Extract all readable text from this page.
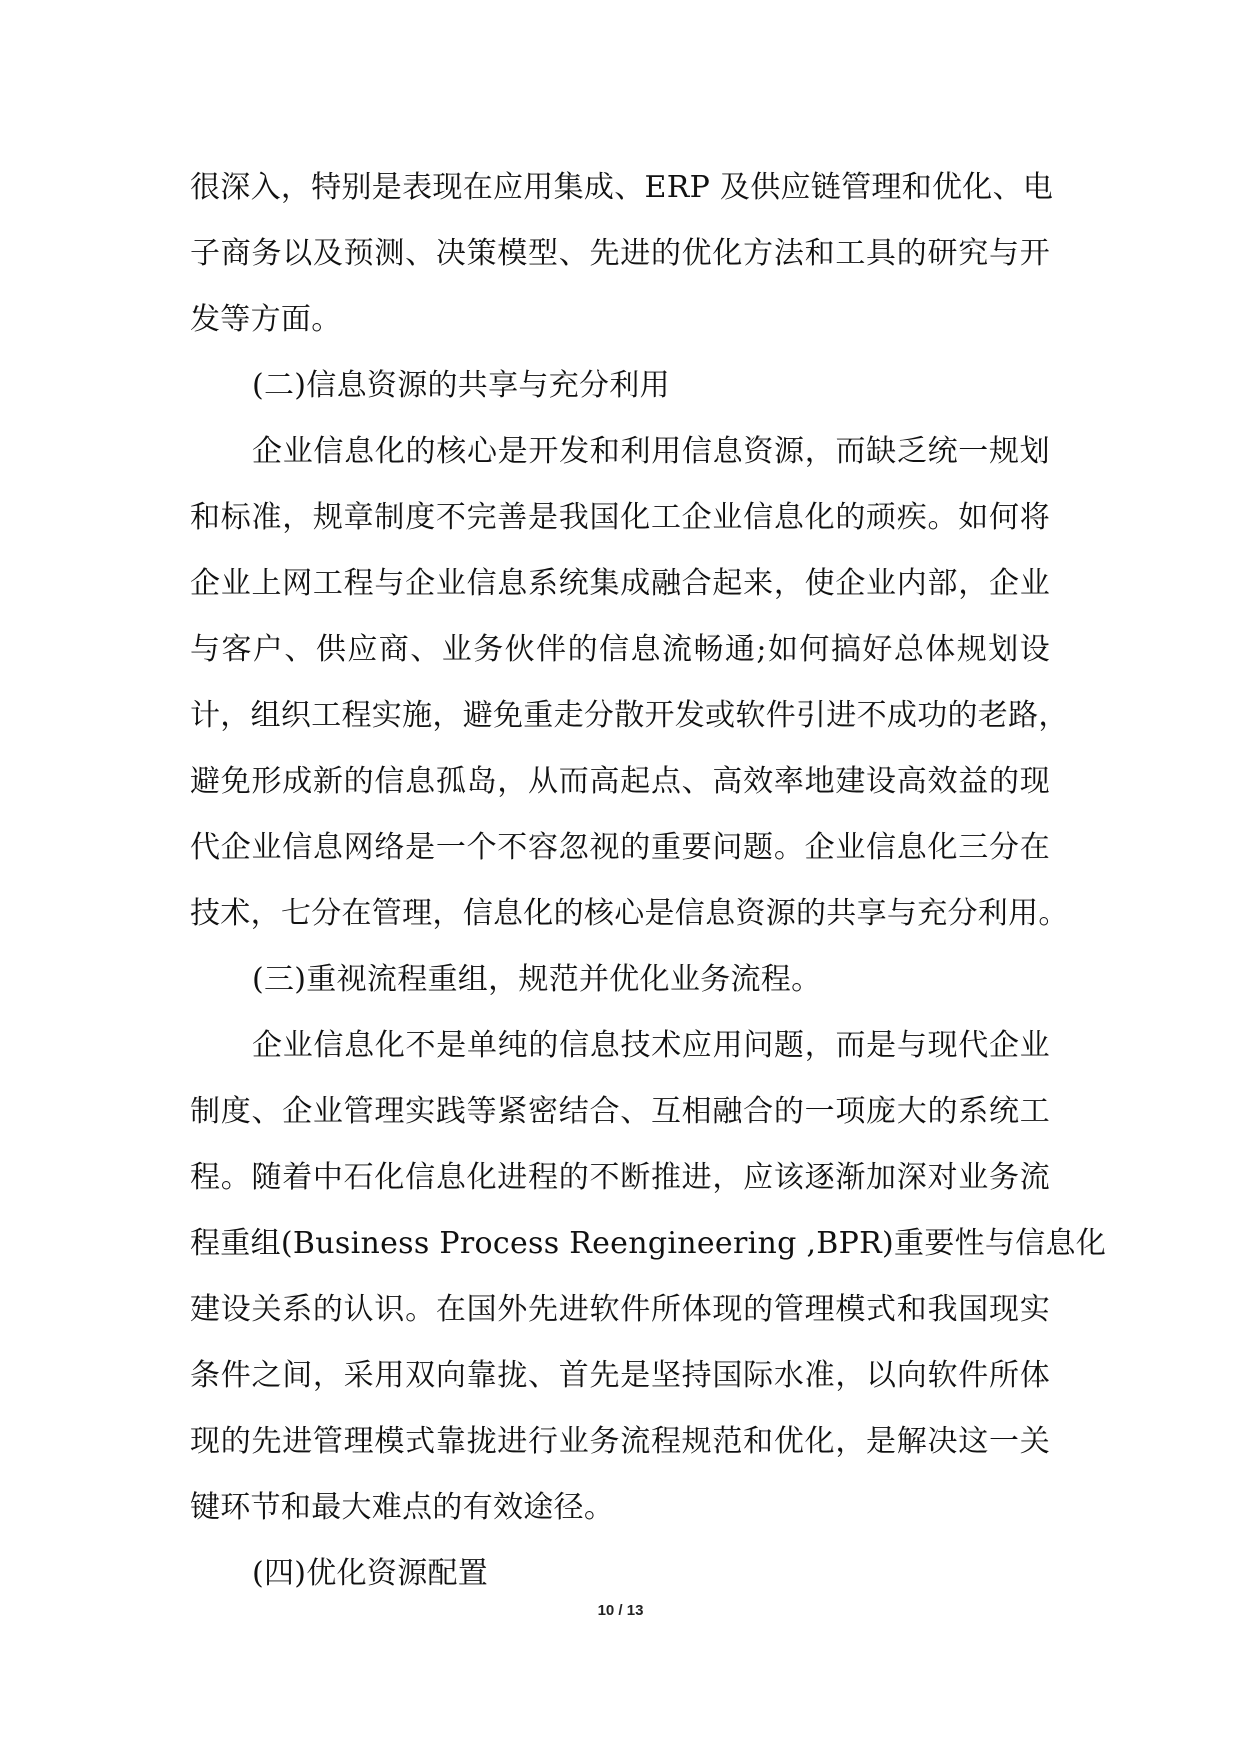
很深入，特别是表现在应用集成、ERP 及供应链管理和优化、电
子商务以及预测、决策模型、先进的优化方法和工具的研究与开
发等方面。
(二)信息资源的共享与充分利用
企业信息化的核心是开发和利用信息资源，而缺乏统一规划
和标准，规章制度不完善是我国化工企业信息化的顽疾。如何将
企业上网工程与企业信息系统集成融合起来，使企业内部，企业
与客户、供应商、业务伙伴的信息流畅通;如何搞好总体规划设
计，组织工程实施，避免重走分散开发或软件引进不成功的老路，
避免形成新的信息孤岛，从而高起点、高效率地建设高效益的现
代企业信息网络是一个不容忽视的重要问题。企业信息化三分在
技术，七分在管理，信息化的核心是信息资源的共享与充分利用。
(三)重视流程重组，规范并优化业务流程。
企业信息化不是单纯的信息技术应用问题，而是与现代企业
制度、企业管理实践等紧密结合、互相融合的一项庞大的系统工
程。随着中石化信息化进程的不断推进，应该逐渐加深对业务流
程重组(Business Process Reengineering ,BPR)重要性与信息化
建设关系的认识。在国外先进软件所体现的管理模式和我国现实
条件之间，采用双向靠拢、首先是坚持国际水准，以向软件所体
现的先进管理模式靠拢进行业务流程规范和优化，是解决这一关
键环节和最大难点的有效途径。
(四)优化资源配置
10 / 13
